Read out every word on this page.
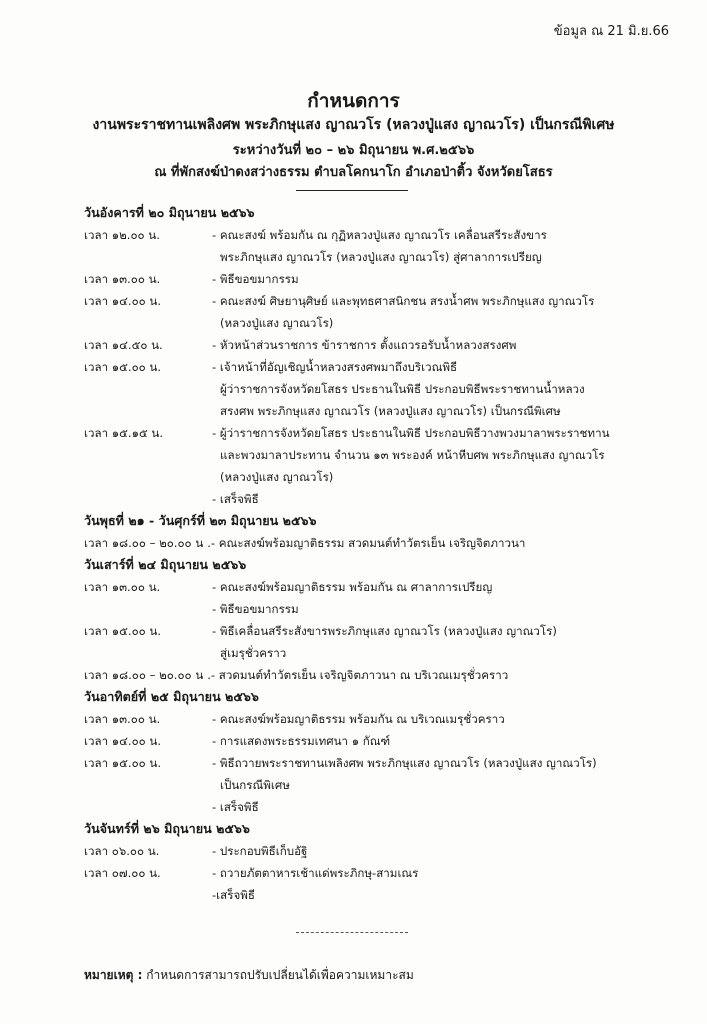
ข้อมูล ณ 21 มิ.ย.66
กำหนดการ
งานพระราชทานเพลิงศพ พระภิกษุแสง ญาณวโร (หลวงปู่แสง ญาณวโร) เป็นกรณีพิเศษ
ระหว่างวันที่ ๒๐ – ๒๖ มิถุนายน พ.ศ.๒๕๖๖
ณ ที่พักสงฆ์ป่าดงสว่างธรรม ตำบลโคกนาโก อำเภอป่าติ้ว จังหวัดยโสธร
วันอังคารที่ ๒๐ มิถุนายน ๒๕๖๖
เวลา ๑๒.๐๐ น.	- คณะสงฆ์ พร้อมกัน ณ กุฏิหลวงปู่แสง ญาณวโร เคลื่อนสรีระสังขาร
พระภิกษุแสง ญาณวโร (หลวงปู่แสง ญาณวโร) สู่ศาลาการเปรียญ
เวลา ๑๓.๐๐ น.	- พิธีขอขมากรรม
เวลา ๑๔.๐๐ น.	- คณะสงฆ์ ศิษยานุศิษย์ และพุทธศาสนิกชน สรงน้ำศพ พระภิกษุแสง ญาณวโร
(หลวงปู่แสง ญาณวโร)
เวลา ๑๔.๕๐ น.	- หัวหน้าส่วนราชการ ข้าราชการ ตั้งแถวรอรับน้ำหลวงสรงศพ
เวลา ๑๕.๐๐ น.	- เจ้าหน้าที่อัญเชิญน้ำหลวงสรงศพมาถึงบริเวณพิธี
ผู้ว่าราชการจังหวัดยโสธร ประธานในพิธี ประกอบพิธีพระราชทานน้ำหลวง
สรงศพ พระภิกษุแสง ญาณวโร (หลวงปู่แสง ญาณวโร) เป็นกรณีพิเศษ
เวลา ๑๕.๑๕ น.	- ผู้ว่าราชการจังหวัดยโสธร ประธานในพิธี ประกอบพิธีวางพวงมาลาพระราชทาน
และพวงมาลาประทาน จำนวน ๑๓ พระองค์ หน้าหีบศพ พระภิกษุแสง ญาณวโร
(หลวงปู่แสง ญาณวโร)
- เสร็จพิธี
วันพุธที่ ๒๑ - วันศุกร์ที่ ๒๓ มิถุนายน ๒๕๖๖
เวลา ๑๘.๐๐ – ๒๐.๐๐ น .- คณะสงฆ์พร้อมญาติธรรม สวดมนต์ทำวัตรเย็น เจริญจิตภาวนา
วันเสาร์ที่ ๒๔ มิถุนายน ๒๕๖๖
เวลา ๑๓.๐๐ น.	- คณะสงฆ์พร้อมญาติธรรม พร้อมกัน ณ ศาลาการเปรียญ
- พิธีขอขมากรรม
เวลา ๑๕.๐๐ น.	- พิธีเคลื่อนสรีระสังขารพระภิกษุแสง ญาณวโร (หลวงปู่แสง ญาณวโร)
สู่เมรุชั่วคราว
เวลา ๑๘.๐๐ – ๒๐.๐๐ น .- สวดมนต์ทำวัตรเย็น เจริญจิตภาวนา ณ บริเวณเมรุชั่วคราว
วันอาทิตย์ที่ ๒๕ มิถุนายน ๒๕๖๖
เวลา ๑๓.๐๐ น.	- คณะสงฆ์พร้อมญาติธรรม พร้อมกัน ณ บริเวณเมรุชั่วคราว
เวลา ๑๔.๐๐ น.	- การแสดงพระธรรมเทศนา ๑ กัณฑ์
เวลา ๑๕.๐๐ น.	- พิธีถวายพระราชทานเพลิงศพ พระภิกษุแสง ญาณวโร (หลวงปู่แสง ญาณวโร)
เป็นกรณีพิเศษ
- เสร็จพิธี
วันจันทร์ที่ ๒๖ มิถุนายน ๒๕๖๖
เวลา ๐๖.๐๐ น.	- ประกอบพิธีเก็บอัฐิ
เวลา ๐๗.๐๐ น.	- ถวายภัตตาหารเช้าแด่พระภิกษุ-สามเณร
-เสร็จพิธี
หมายเหตุ : กำหนดการสามารถปรับเปลี่ยนได้เพื่อความเหมาะสม
